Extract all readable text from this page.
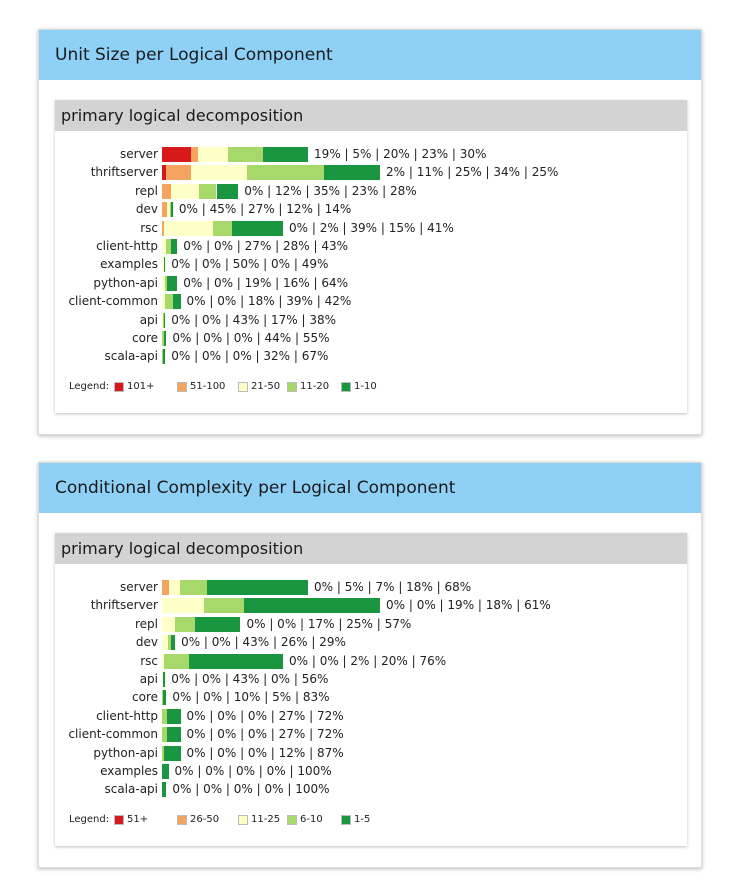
Unit Size per Logical Component
primary logical decomposition
server	19% | 5% | 20% | 23% | 30%
thriftserver	2% | 11% | 25% | 34% | 25%
repl	0% | 12% | 35% | 23% | 28%
dev 0% | 45% | 27% | 12% | 14%
rsc	0% | 2% | 39% | 15% | 41%
client-http 0% | 0% | 27% | 28% | 43%
examples 0% | 0% | 50% | 0% | 49%
python-api 0% | 0% | 19% | 16% | 64%
client-common 0% | 0% | 18% | 39% | 42%
api 0% | 0% | 43% | 17% | 38%
core 0% | 0% | 0% | 44% | 55%
scala-api 0% | 0% | 0% | 32% | 67%
Legend: 101+	51-100	21-50 11-20 1-10
Conditional Complexity per Logical Component
primary logical decomposition
server	0% | 5% | 7% | 18% | 68%
thriftserver	0% | 0% | 19% | 18% | 61%
repl	0% | 0% | 17% | 25% | 57%
dev 0% | 0% | 43% | 26% | 29%
rsc	0% | 0% | 2% | 20% | 76%
api 0% | 0% | 43% | 0% | 56%
core 0% | 0% | 10% | 5% | 83%
client-http 0% | 0% | 0% | 27% | 72%
client-common 0% | 0% | 0% | 27% | 72%
python-api 0% | 0% | 0% | 12% | 87%
examples 0% | 0% | 0% | 0% | 100%
scala-api 0% | 0% | 0% | 0% | 100%
Legend: 51+	26-50	11-25 6-10	1-5
